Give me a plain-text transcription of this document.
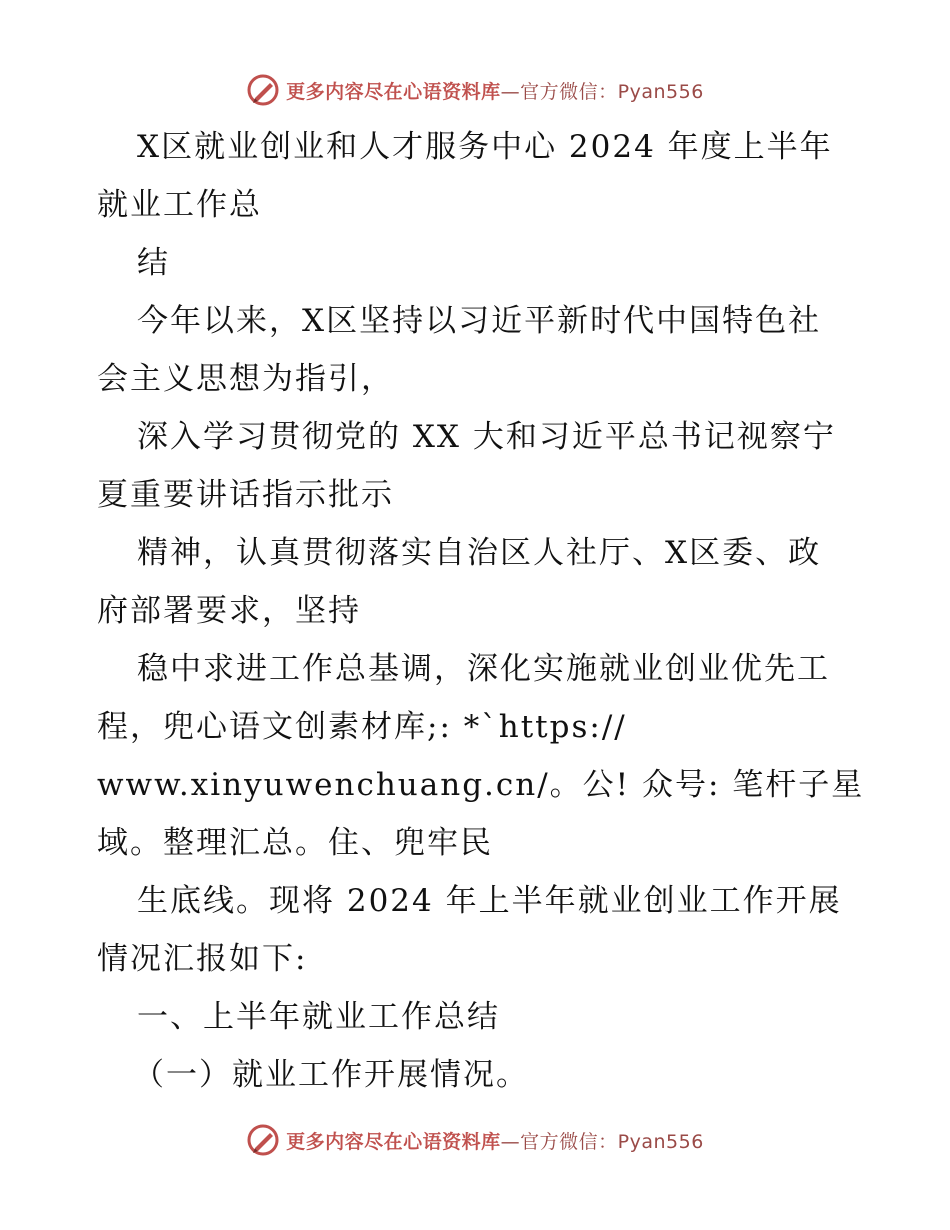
更多内容尽在心语资料库—官方微信：Pyan556
X区就业创业和人才服务中心 2024 年度上半年
就业工作总
结
今年以来，X区坚持以习近平新时代中国特色社
会主义思想为指引，
深入学习贯彻党的 XX 大和习近平总书记视察宁
夏重要讲话指示批示
精神，认真贯彻落实自治区人社厅、X区委、政
府部署要求，坚持
稳中求进工作总基调，深化实施就业创业优先工
程，兜心语文创素材库;: *`https://
www.xinyuwenchuang.cn/。公! 众号: 笔杆子星
域。整理汇总。住、兜牢民
生底线。现将 2024 年上半年就业创业工作开展
情况汇报如下:
一、上半年就业工作总结
（一）就业工作开展情况。
更多内容尽在心语资料库—官方微信：Pyan556
